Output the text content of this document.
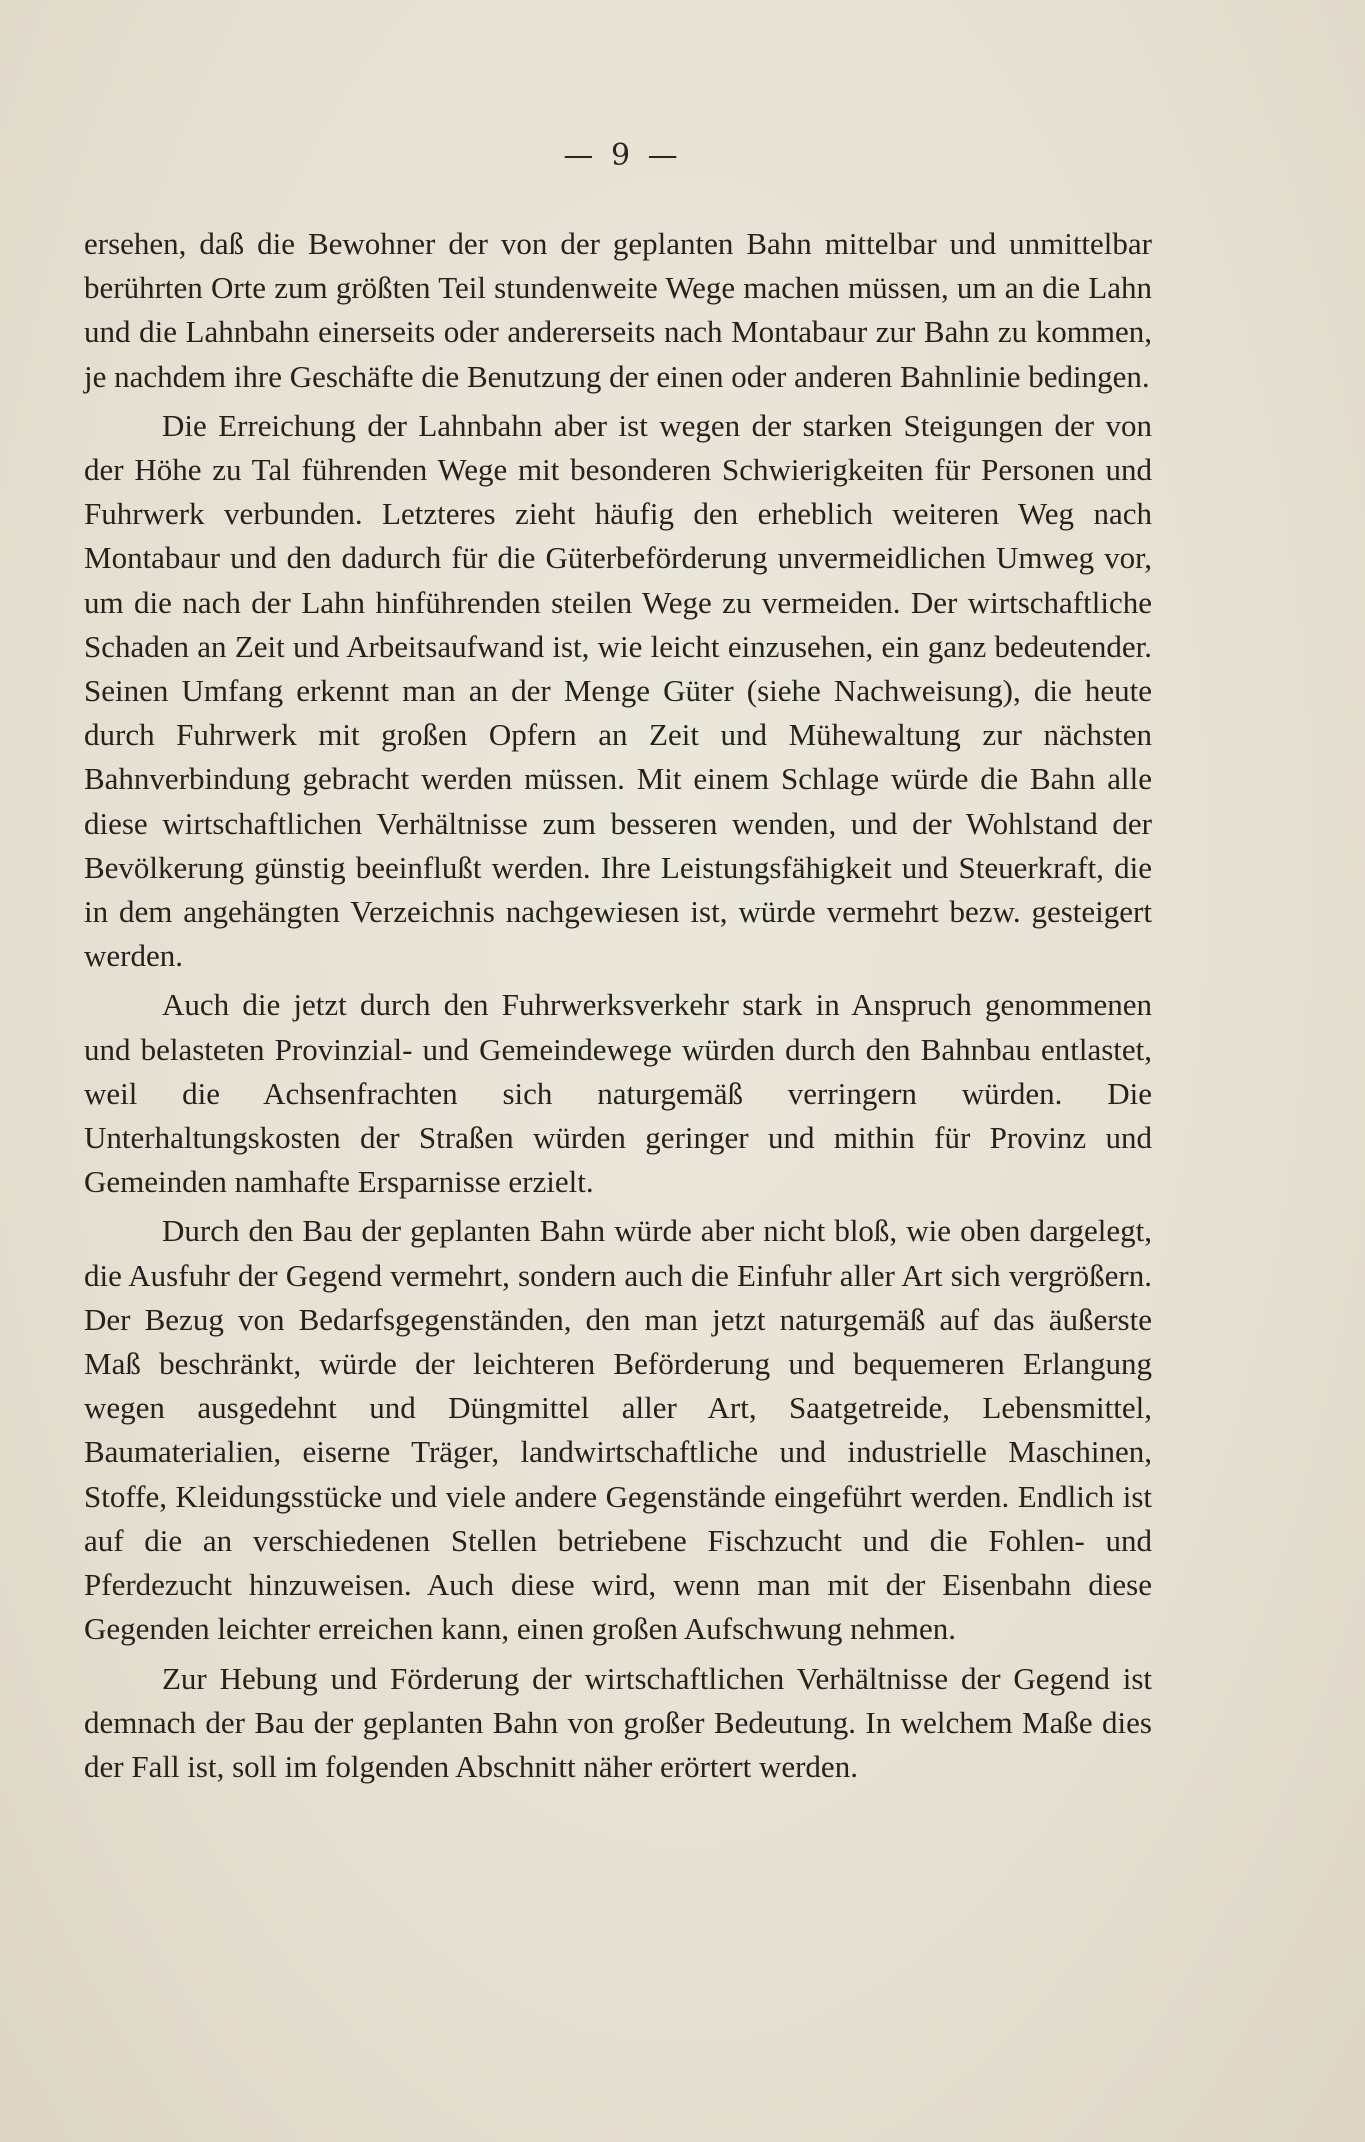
— 9 —

ersehen, daß die Bewohner der von der geplanten Bahn mittelbar und unmittelbar berührten Orte zum größten Teil stundenweite Wege machen müssen, um an die Lahn und die Lahnbahn einerseits oder andererseits nach Montabaur zur Bahn zu kommen, je nachdem ihre Geschäfte die Benutzung der einen oder anderen Bahnlinie bedingen.

Die Erreichung der Lahnbahn aber ist wegen der starken Steigungen der von der Höhe zu Tal führenden Wege mit besonderen Schwierigkeiten für Personen und Fuhrwerk verbunden. Letzteres zieht häufig den erheblich weiteren Weg nach Montabaur und den dadurch für die Güterbeförderung unvermeidlichen Umweg vor, um die nach der Lahn hinführenden steilen Wege zu vermeiden. Der wirtschaftliche Schaden an Zeit und Arbeitsaufwand ist, wie leicht einzusehen, ein ganz bedeutender. Seinen Umfang erkennt man an der Menge Güter (siehe Nachweisung), die heute durch Fuhrwerk mit großen Opfern an Zeit und Mühewaltung zur nächsten Bahnverbindung gebracht werden müssen. Mit einem Schlage würde die Bahn alle diese wirtschaftlichen Verhältnisse zum besseren wenden, und der Wohlstand der Bevölkerung günstig beeinflußt werden. Ihre Leistungsfähigkeit und Steuerkraft, die in dem angehängten Verzeichnis nachgewiesen ist, würde vermehrt bezw. gesteigert werden.

Auch die jetzt durch den Fuhrwerksverkehr stark in Anspruch genommenen und belasteten Provinzial- und Gemeindewege würden durch den Bahnbau entlastet, weil die Achsenfrachten sich naturgemäß verringern würden. Die Unterhaltungskosten der Straßen würden geringer und mithin für Provinz und Gemeinden namhafte Ersparnisse erzielt.

Durch den Bau der geplanten Bahn würde aber nicht bloß, wie oben dargelegt, die Ausfuhr der Gegend vermehrt, sondern auch die Einfuhr aller Art sich vergrößern. Der Bezug von Bedarfsgegenständen, den man jetzt naturgemäß auf das äußerste Maß beschränkt, würde der leichteren Beförderung und bequemeren Erlangung wegen ausgedehnt und Düngmittel aller Art, Saatgetreide, Lebensmittel, Baumaterialien, eiserne Träger, landwirtschaftliche und industrielle Maschinen, Stoffe, Kleidungsstücke und viele andere Gegenstände eingeführt werden. Endlich ist auf die an verschiedenen Stellen betriebene Fischzucht und die Fohlen- und Pferdezucht hinzuweisen. Auch diese wird, wenn man mit der Eisenbahn diese Gegenden leichter erreichen kann, einen großen Aufschwung nehmen.

Zur Hebung und Förderung der wirtschaftlichen Verhältnisse der Gegend ist demnach der Bau der geplanten Bahn von großer Bedeutung. In welchem Maße dies der Fall ist, soll im folgenden Abschnitt näher erörtert werden.
